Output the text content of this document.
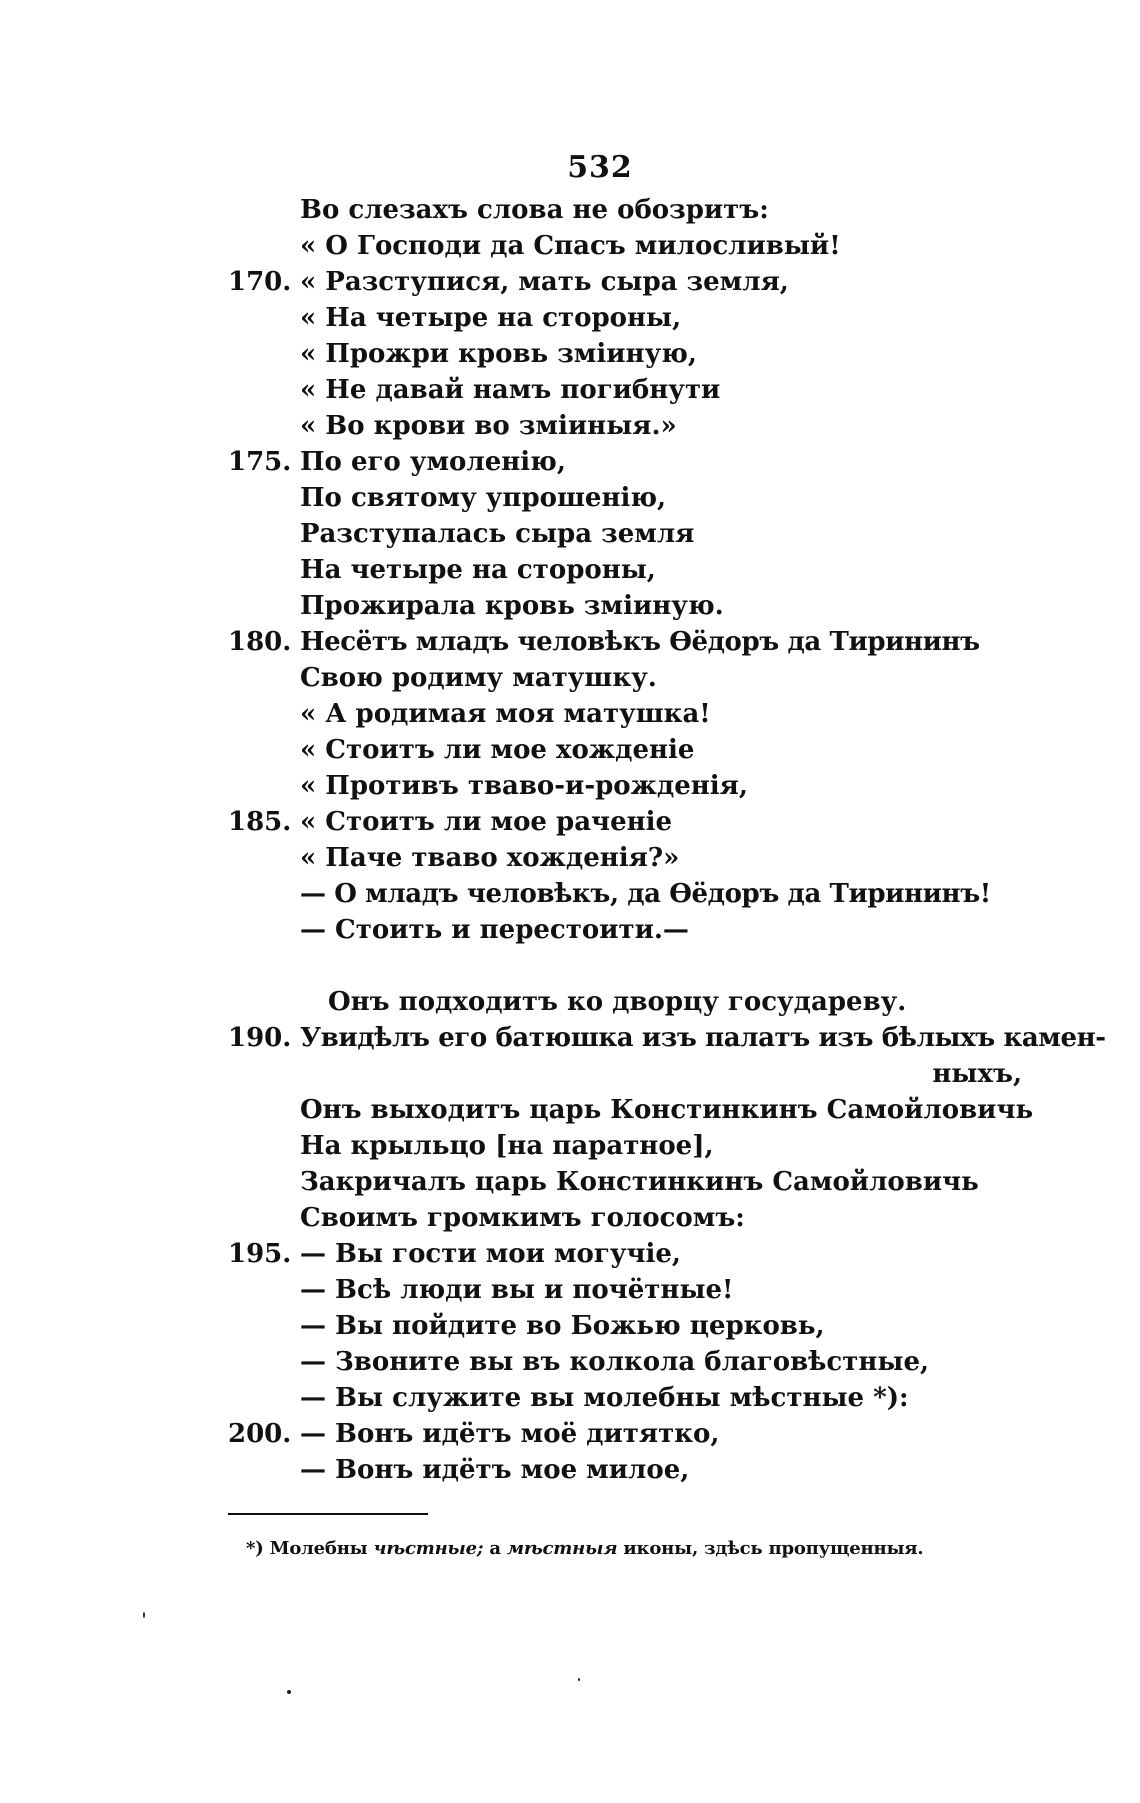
532
Во слезахъ слова не обозритъ:
« О Господи да Спасъ милосливый!
170. « Разступися, мать сыра земля,
« На четыре на стороны,
« Прожри кровь змiиную,
« Не давай намъ погибнути
« Во крови во змiиныя.»
175. По его умоленiю,
По святому упрошенiю,
Разступалась сыра земля
На четыре на стороны,
Прожирала кровь змiиную.
180. Несётъ младъ человѣкъ Ѳёдоръ да Тирининъ
Свою родиму матушку.
« А родимая моя матушка!
« Стоитъ ли мое хожденiе
« Противъ тваво-и-рожденiя,
185. « Стоитъ ли мое раченiе
« Паче тваво хожденiя?»
— О младъ человѣкъ, да Ѳёдоръ да Тирининъ!
— Стоить и перестоити.—
Онъ подходитъ ко дворцу государеву.
190. Увидѣлъ его батюшка изъ палатъ изъ бѣлыхъ камен-
ныхъ,
Онъ выходитъ царь Констинкинъ Самойловичь
На крыльцо [на паратное],
Закричалъ царь Констинкинъ Самойловичь
Своимъ громкимъ голосомъ:
195. — Вы гости мои могучiе,
— Всѣ люди вы и почётные!
— Вы пойдите во Божью церковь,
— Звоните вы въ колкола благовѣстные,
— Вы служите вы молебны мѣстные *):
200. — Вонъ идётъ моё дитятко,
— Вонъ идётъ мое милое,
*) Молебны чѣстные; а мѣстныя иконы, здѣсь пропущенныя.
